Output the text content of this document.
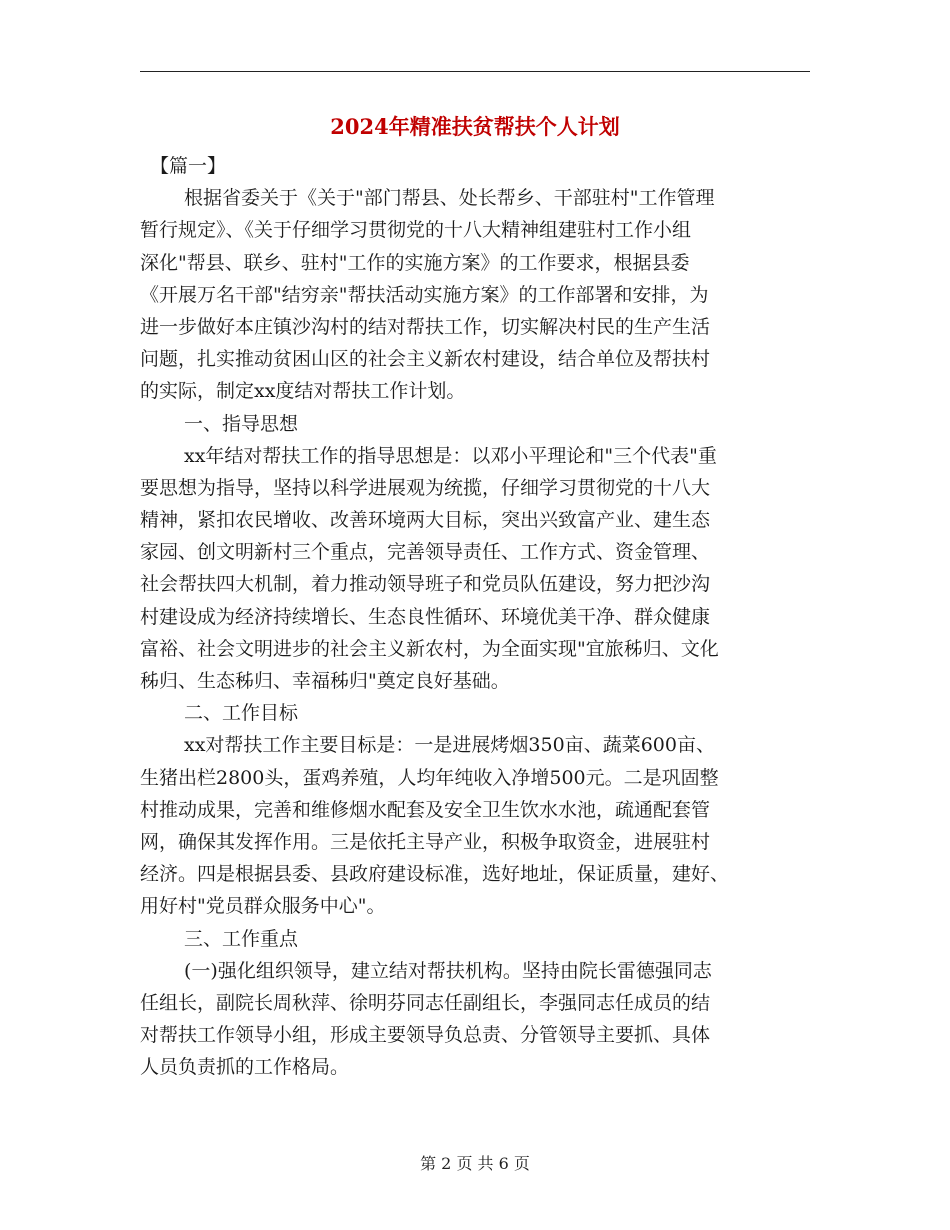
2024年精准扶贫帮扶个人计划
【篇一】
根据省委关于《关于"部门帮县、处长帮乡、干部驻村"工作管理
暂行规定》、《关于仔细学习贯彻党的十八大精神组建驻村工作小组
深化"帮县、联乡、驻村"工作的实施方案》的工作要求，根据县委
《开展万名干部"结穷亲"帮扶活动实施方案》的工作部署和安排，为
进一步做好本庄镇沙沟村的结对帮扶工作，切实解决村民的生产生活
问题，扎实推动贫困山区的社会主义新农村建设，结合单位及帮扶村
的实际，制定xx度结对帮扶工作计划。
一、指导思想
xx年结对帮扶工作的指导思想是：以邓小平理论和"三个代表"重
要思想为指导，坚持以科学进展观为统揽，仔细学习贯彻党的十八大
精神，紧扣农民增收、改善环境两大目标，突出兴致富产业、建生态
家园、创文明新村三个重点，完善领导责任、工作方式、资金管理、
社会帮扶四大机制，着力推动领导班子和党员队伍建设，努力把沙沟
村建设成为经济持续增长、生态良性循环、环境优美干净、群众健康
富裕、社会文明进步的社会主义新农村，为全面实现"宜旅秭归、文化
秭归、生态秭归、幸福秭归"奠定良好基础。
二、工作目标
xx对帮扶工作主要目标是：一是进展烤烟350亩、蔬菜600亩、
生猪出栏2800头，蛋鸡养殖，人均年纯收入净增500元。二是巩固整
村推动成果，完善和维修烟水配套及安全卫生饮水水池，疏通配套管
网，确保其发挥作用。三是依托主导产业，积极争取资金，进展驻村
经济。四是根据县委、县政府建设标准，选好地址，保证质量，建好、
用好村"党员群众服务中心"。
三、工作重点
(一)强化组织领导，建立结对帮扶机构。坚持由院长雷德强同志
任组长，副院长周秋萍、徐明芬同志任副组长，李强同志任成员的结
对帮扶工作领导小组，形成主要领导负总责、分管领导主要抓、具体
人员负责抓的工作格局。
第 2 页 共 6 页
